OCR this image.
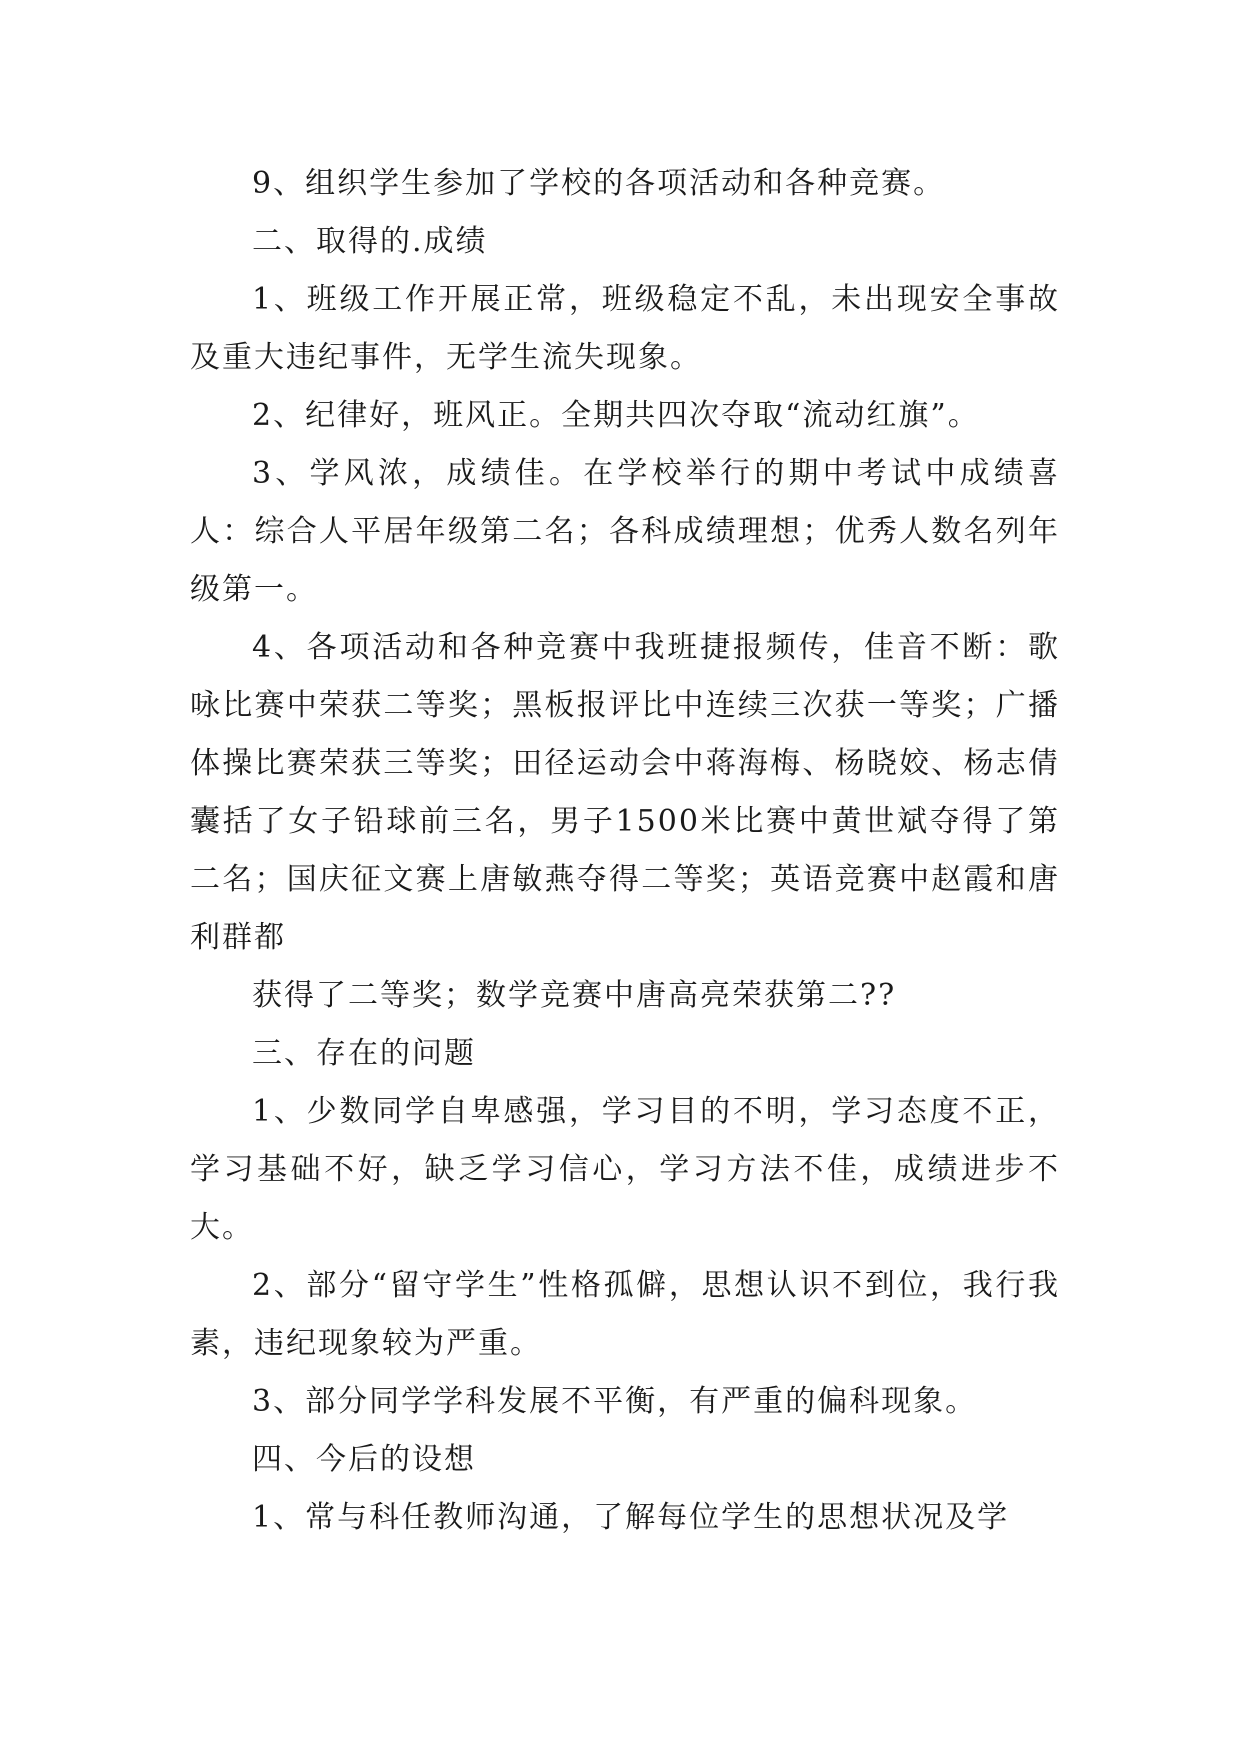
9、组织学生参加了学校的各项活动和各种竞赛。

二、取得的.成绩

1、班级工作开展正常，班级稳定不乱，未出现安全事故及重大违纪事件，无学生流失现象。

2、纪律好，班风正。全期共四次夺取“流动红旗”。

3、学风浓，成绩佳。在学校举行的期中考试中成绩喜人：综合人平居年级第二名；各科成绩理想；优秀人数名列年级第一。

4、各项活动和各种竞赛中我班捷报频传，佳音不断：歌咏比赛中荣获二等奖；黑板报评比中连续三次获一等奖；广播体操比赛荣获三等奖；田径运动会中蒋海梅、杨晓姣、杨志倩囊括了女子铅球前三名，男子1500米比赛中黄世斌夺得了第二名；国庆征文赛上唐敏燕夺得二等奖；英语竞赛中赵霞和唐利群都

获得了二等奖；数学竞赛中唐高亮荣获第二??

三、存在的问题

1、少数同学自卑感强，学习目的不明，学习态度不正，学习基础不好，缺乏学习信心，学习方法不佳，成绩进步不大。

2、部分“留守学生”性格孤僻，思想认识不到位，我行我素，违纪现象较为严重。

3、部分同学学科发展不平衡，有严重的偏科现象。

四、今后的设想

1、常与科任教师沟通，了解每位学生的思想状况及学
